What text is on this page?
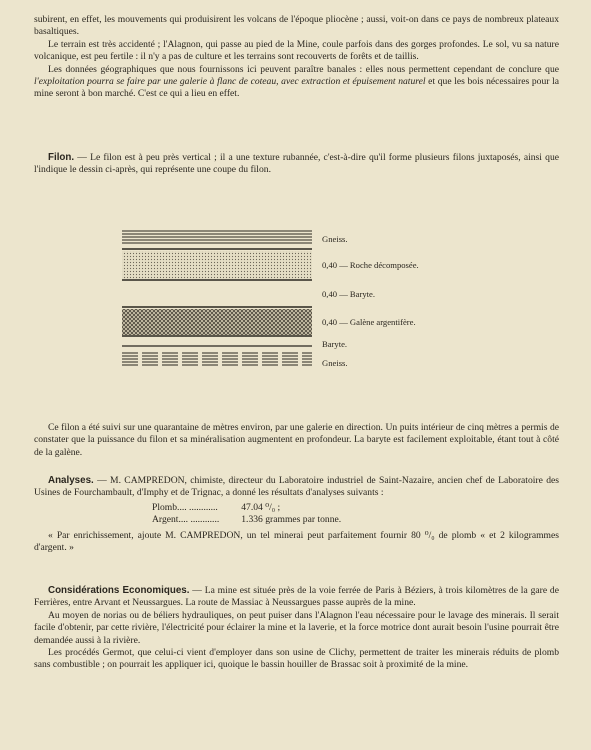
subirent, en effet, les mouvements qui produisirent les volcans de l'époque pliocène ; aussi, voit-on dans ce pays de nombreux plateaux basaltiques.

Le terrain est très accidenté ; l'Alagnon, qui passe au pied de la Mine, coule parfois dans des gorges profondes. Le sol, vu sa nature volcanique, est peu fertile : il n'y a pas de culture et les terrains sont recouverts de forêts et de taillis.

Les données géographiques que nous fournissons ici peuvent paraître banales : elles nous permettent cependant de conclure que l'exploitation pourra se faire par une galerie à flanc de coteau, avec extraction et épuisement naturel et que les bois nécessaires pour la mine seront à bon marché. C'est ce qui a lieu en effet.

Filon. — Le filon est à peu près vertical ; il a une texture rubannée, c'est-à-dire qu'il forme plusieurs filons juxtaposés, ainsi que l'indique le dessin ci-après, qui représente une coupe du filon.

Gneiss.
0,40 — Roche décomposée.
0,40 — Baryte.
0,40 — Galène argentifère.
Baryte.
Gneiss.

Ce filon a été suivi sur une quarantaine de mètres environ, par une galerie en direction. Un puits intérieur de cinq mètres a permis de constater que la puissance du filon et sa minéralisation augmentent en profondeur. La baryte est facilement exploitable, étant tout à côté de la galène.

Analyses. — M. CAMPREDON, chimiste, directeur du Laboratoire industriel de Saint-Nazaire, ancien chef de Laboratoire des Usines de Fourchambault, d'Imphy et de Trignac, a donné les résultats d'analyses suivants :

Plomb.... ............	47.04 ⁰/₀ ;
Argent.... ............	1.336 grammes par tonne.

« Par enrichissement, ajoute M. CAMPREDON, un tel minerai peut parfaitement fournir 80 ⁰/₀ de plomb « et 2 kilogrammes d'argent. »

Considérations Economiques. — La mine est située près de la voie ferrée de Paris à Béziers, à trois kilomètres de la gare de Ferrières, entre Arvant et Neussargues. La route de Massiac à Neussargues passe auprès de la mine.

Au moyen de norias ou de béliers hydrauliques, on peut puiser dans l'Alagnon l'eau nécessaire pour le lavage des minerais. Il serait facile d'obtenir, par cette rivière, l'électricité pour éclairer la mine et la laverie, et la force motrice dont aurait besoin l'usine pourrait être demandée aussi à la rivière.

Les procédés Germot, que celui-ci vient d'employer dans son usine de Clichy, permettent de traiter les minerais réduits de plomb sans combustible ; on pourrait les appliquer ici, quoique le bassin houiller de Brassac soit à proximité de la mine.
